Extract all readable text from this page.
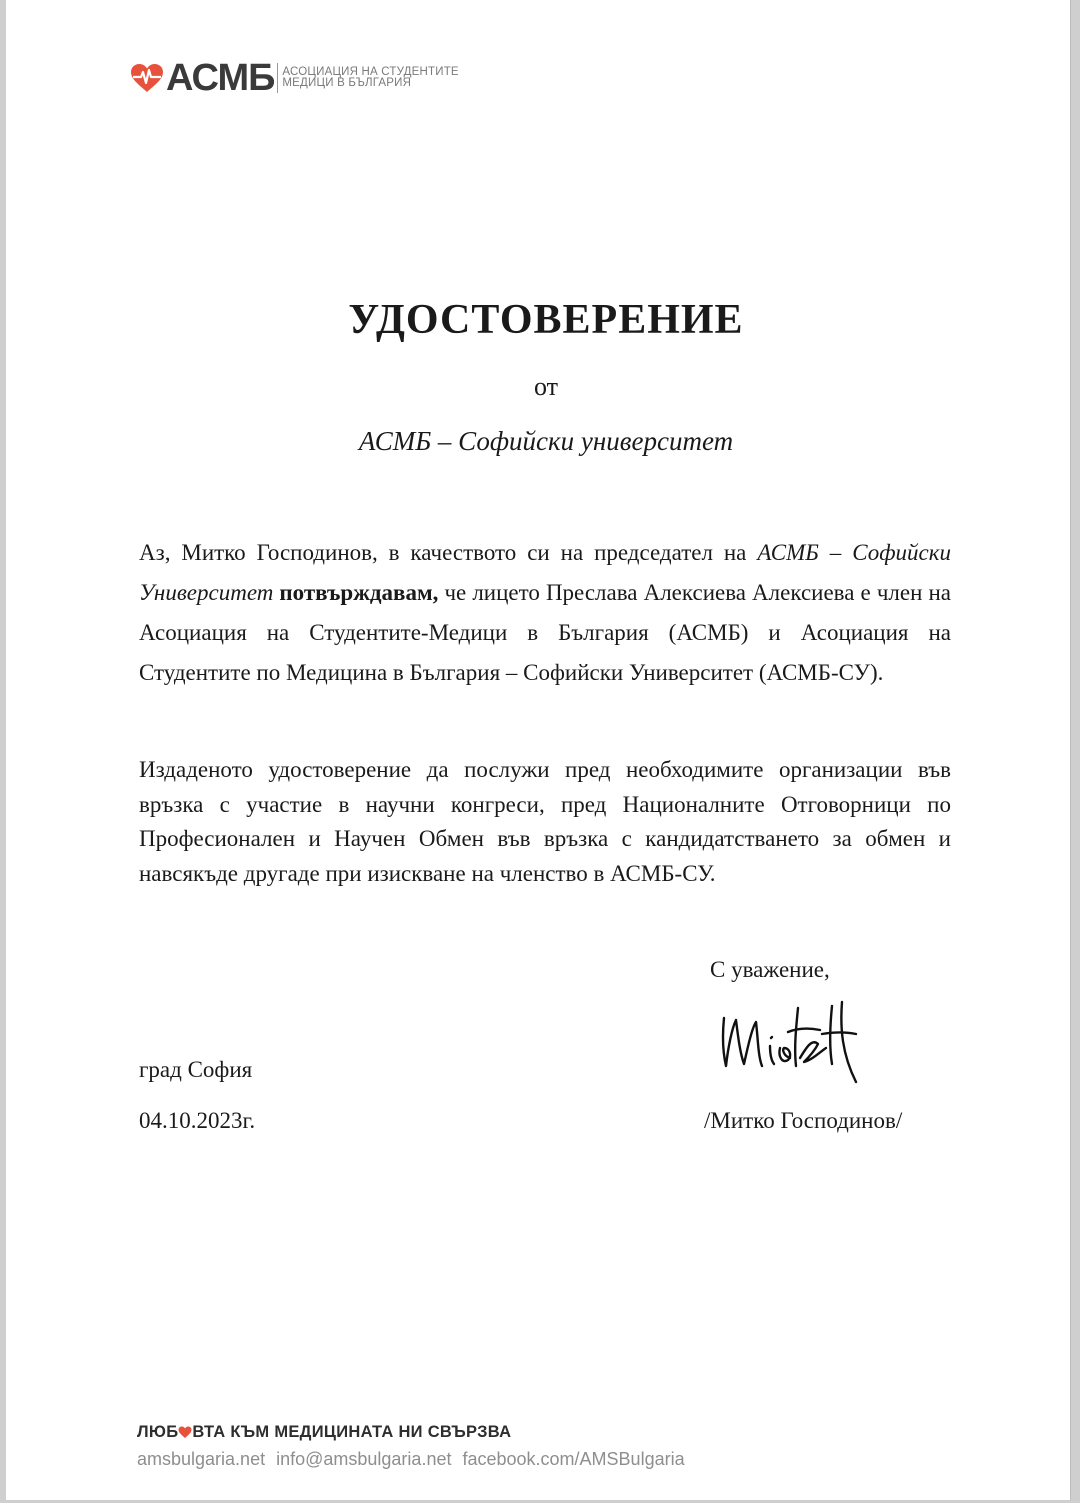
АСМБ АСОЦИАЦИЯ НА СТУДЕНТИТЕ
МЕДИЦИ В БЪЛГАРИЯ
УДОСТОВЕРЕНИЕ
от
АСМБ – Софийски университет
Аз, Митко Господинов, в качеството си на председател на АСМБ – Софийски Университет потвърждавам, че лицето Преслава Алексиева Алексиева е член на Асоциация на Студентите-Медици в България (АСМБ) и Асоциация на Студентите по Медицина в България – Софийски Университет (АСМБ-СУ).
Издаденото удостоверение да послужи пред необходимите организации във връзка с участие в научни конгреси, пред Националните Отговорници по Професионален и Научен Обмен във връзка с кандидатстването за обмен и навсякъде другаде при изискване на членство в АСМБ-СУ.
С уважение,
град София
04.10.2023г.	/Митко Господинов/
ЛЮБ ВТА КЪМ МЕДИЦИНАТА НИ СВЪРЗВА
amsbulgaria.net info@amsbulgaria.net facebook.com/AMSBulgaria
